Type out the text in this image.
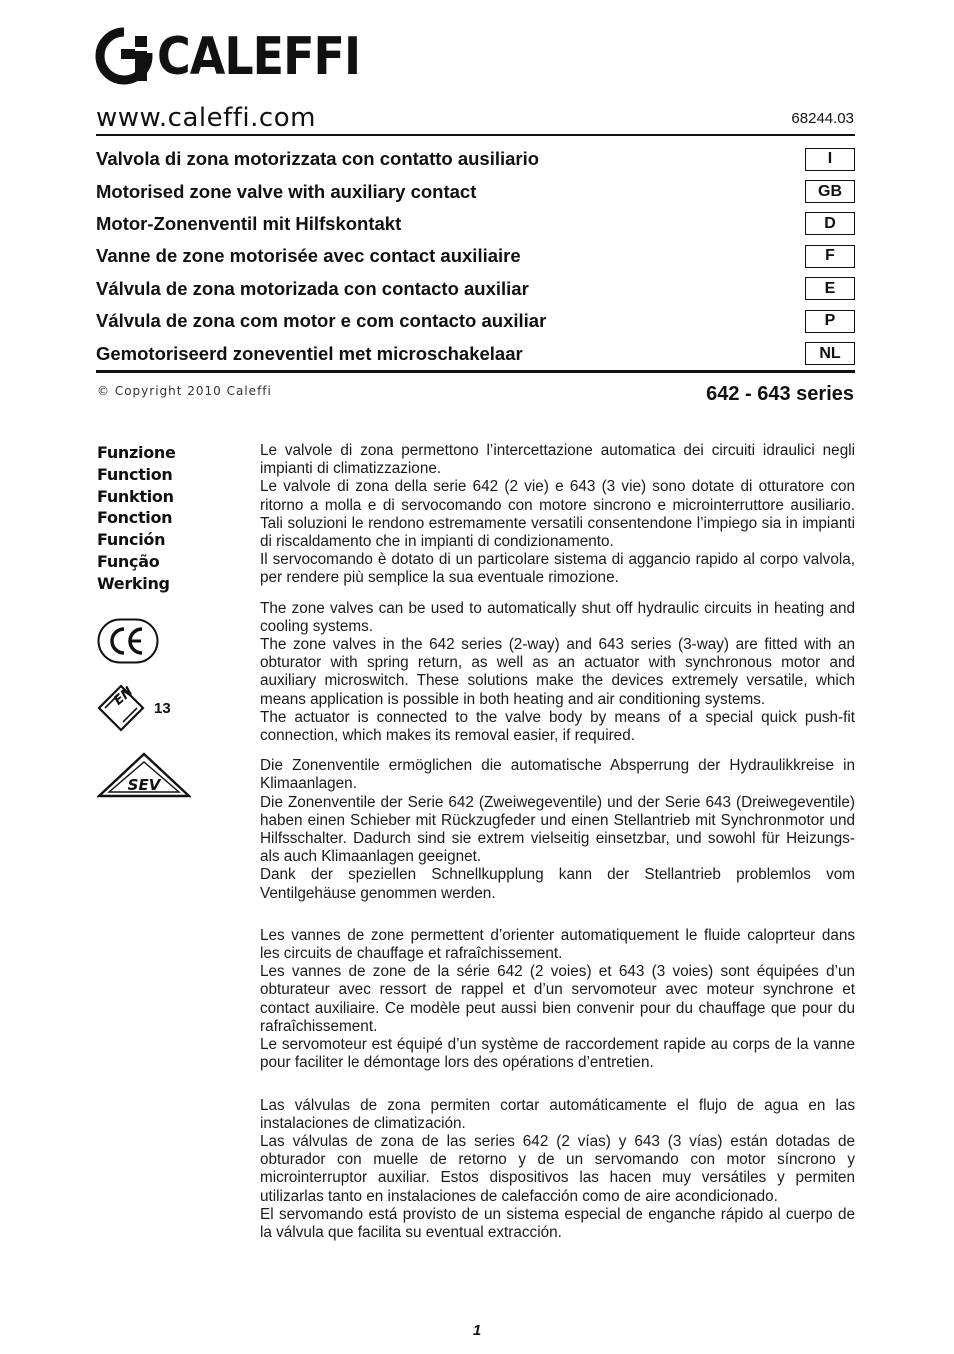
CALEFFI
www.caleffi.com	68244.03
Valvola di zona motorizzata con contatto ausiliario	I
Motorised zone valve with auxiliary contact	GB
Motor-Zonenventil mit Hilfskontakt	D
Vanne de zone motorisée avec contact auxiliaire	F
Válvula de zona motorizada con contacto auxiliar	E
Válvula de zona com motor e com contacto auxiliar	P
Gemotoriseerd zoneventiel met microschakelaar	NL
© Copyright 2010 Caleffi	642 - 643 series
Funzione
Function
Funktion
Fonction
Función
Função
Werking
EN 13
SEV

Le valvole di zona permettono l’intercettazione automatica dei circuiti idraulici negli impianti di climatizzazione.

Le valvole di zona della serie 642 (2 vie) e 643 (3 vie) sono dotate di otturatore con ritorno a molla e di servocomando con motore sincrono e microinterruttore ausiliario. Tali soluzioni le rendono estremamente versatili consentendone l’impiego sia in impianti di riscaldamento che in impianti di condizionamento.

Il servocomando è dotato di un particolare sistema di aggancio rapido al corpo valvola, per rendere più semplice la sua eventuale rimozione.

The zone valves can be used to automatically shut off hydraulic circuits in heating and cooling systems.

The zone valves in the 642 series (2-way) and 643 series (3-way) are fitted with an obturator with spring return, as well as an actuator with synchronous motor and auxiliary microswitch. These solutions make the devices extremely versatile, which means application is possible in both heating and air conditioning systems.

The actuator is connected to the valve body by means of a special quick push-fit connection, which makes its removal easier, if required.

Die Zonenventile ermöglichen die automatische Absperrung der Hydraulikkreise in Klimaanlagen.

Die Zonenventile der Serie 642 (Zweiwegeventile) und der Serie 643 (Dreiwegeventile) haben einen Schieber mit Rückzugfeder und einen Stellantrieb mit Synchronmotor und Hilfsschalter. Dadurch sind sie extrem vielseitig einsetzbar, und sowohl für Heizungs- als auch Klimaanlagen geeignet.

Dank der speziellen Schnellkupplung kann der Stellantrieb problemlos vom Ventilgehäuse genommen werden.

Les vannes de zone permettent d’orienter automatiquement le fluide caloprteur dans les circuits de chauffage et rafraîchissement.

Les vannes de zone de la série 642 (2 voies) et 643 (3 voies) sont équipées d’un obturateur avec ressort de rappel et d’un servomoteur avec moteur synchrone et contact auxiliaire. Ce modèle peut aussi bien convenir pour du chauffage que pour du rafraîchissement.

Le servomoteur est équipé d’un système de raccordement rapide au corps de la vanne pour faciliter le démontage lors des opérations d’entretien.

Las válvulas de zona permiten cortar automáticamente el flujo de agua en las instalaciones de climatización.

Las válvulas de zona de las series 642 (2 vías) y 643 (3 vías) están dotadas de obturador con muelle de retorno y de un servomando con motor síncrono y microinterruptor auxiliar. Estos dispositivos las hacen muy versátiles y permiten utilizarlas tanto en instalaciones de calefacción como de aire acondicionado.

El servomando está provisto de un sistema especial de enganche rápido al cuerpo de la válvula que facilita su eventual extracción.

1
